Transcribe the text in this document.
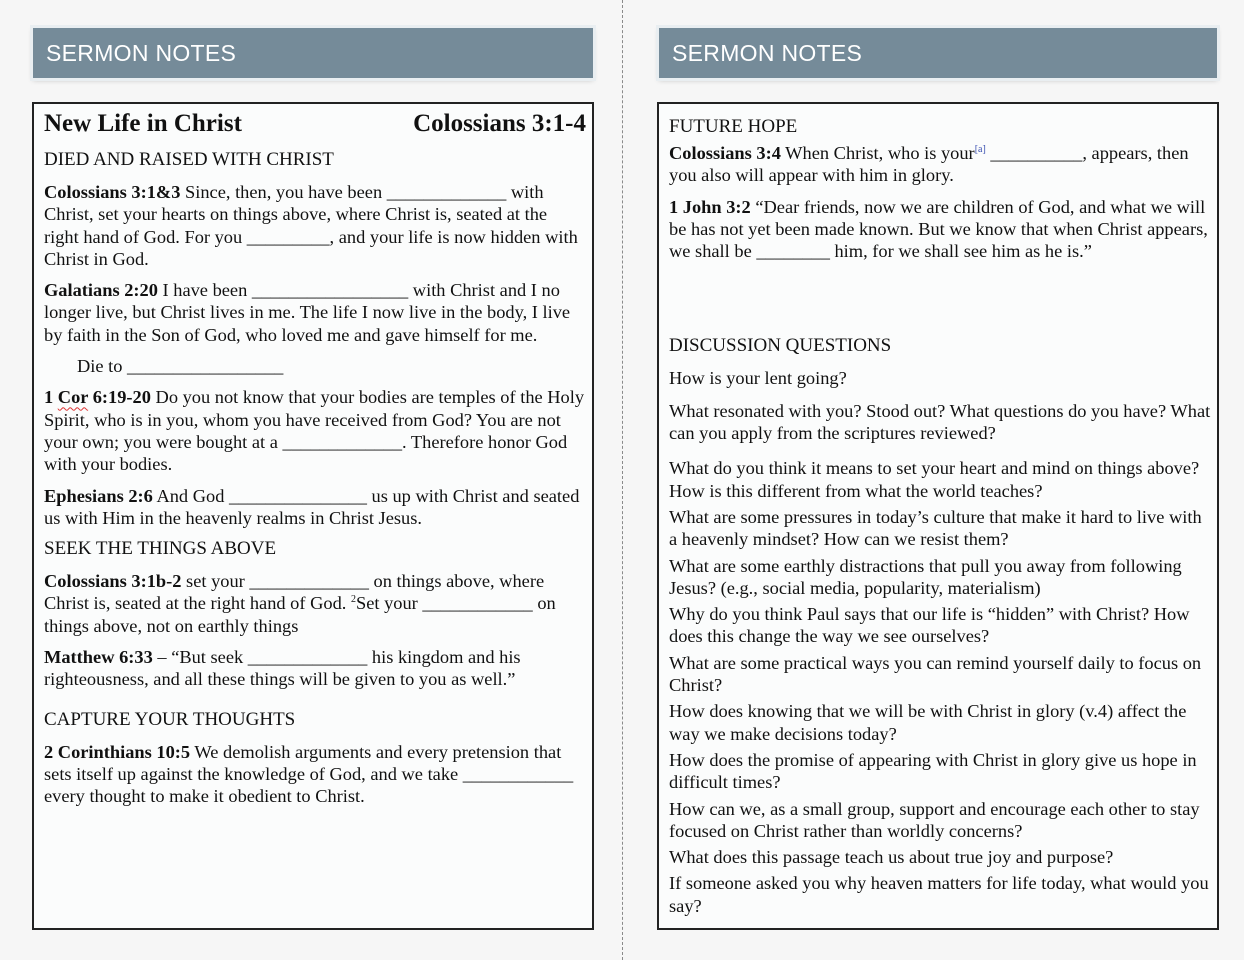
SERMON NOTES
New Life in Christ	Colossians 3:1-4
DIED AND RAISED WITH CHRIST
Colossians 3:1&3 Since, then, you have been _____________ with Christ, set your hearts on things above, where Christ is, seated at the right hand of God. For you _________, and your life is now hidden with Christ in God.
Galatians 2:20 I have been _________________ with Christ and I no longer live, but Christ lives in me. The life I now live in the body, I live by faith in the Son of God, who loved me and gave himself for me.
Die to _________________
1 Cor 6:19-20 Do you not know that your bodies are temples of the Holy Spirit, who is in you, whom you have received from God? You are not your own; you were bought at a _____________. Therefore honor God with your bodies.
Ephesians 2:6 And God _______________ us up with Christ and seated us with Him in the heavenly realms in Christ Jesus.
SEEK THE THINGS ABOVE
Colossians 3:1b-2 set your _____________ on things above, where Christ is, seated at the right hand of God. $^2$Set your ____________ on things above, not on earthly things
Matthew 6:33 – “But seek _____________ his kingdom and his righteousness, and all these things will be given to you as well.”
CAPTURE YOUR THOUGHTS
2 Corinthians 10:5 We demolish arguments and every pretension that sets itself up against the knowledge of God, and we take ____________ every thought to make it obedient to Christ.
SERMON NOTES
FUTURE HOPE
Colossians 3:4 When Christ, who is your[a] __________, appears, then you also will appear with him in glory.
1 John 3:2 “Dear friends, now we are children of God, and what we will be has not yet been made known. But we know that when Christ appears, we shall be ________ him, for we shall see him as he is.”
DISCUSSION QUESTIONS
How is your lent going?
What resonated with you? Stood out? What questions do you have? What can you apply from the scriptures reviewed?
What do you think it means to set your heart and mind on things above? How is this different from what the world teaches?
What are some pressures in today’s culture that make it hard to live with a heavenly mindset? How can we resist them?
What are some earthly distractions that pull you away from following Jesus? (e.g., social media, popularity, materialism)
Why do you think Paul says that our life is “hidden” with Christ? How does this change the way we see ourselves?
What are some practical ways you can remind yourself daily to focus on Christ?
How does knowing that we will be with Christ in glory (v.4) affect the way we make decisions today?
How does the promise of appearing with Christ in glory give us hope in difficult times?
How can we, as a small group, support and encourage each other to stay focused on Christ rather than worldly concerns?
What does this passage teach us about true joy and purpose?
If someone asked you why heaven matters for life today, what would you say?
